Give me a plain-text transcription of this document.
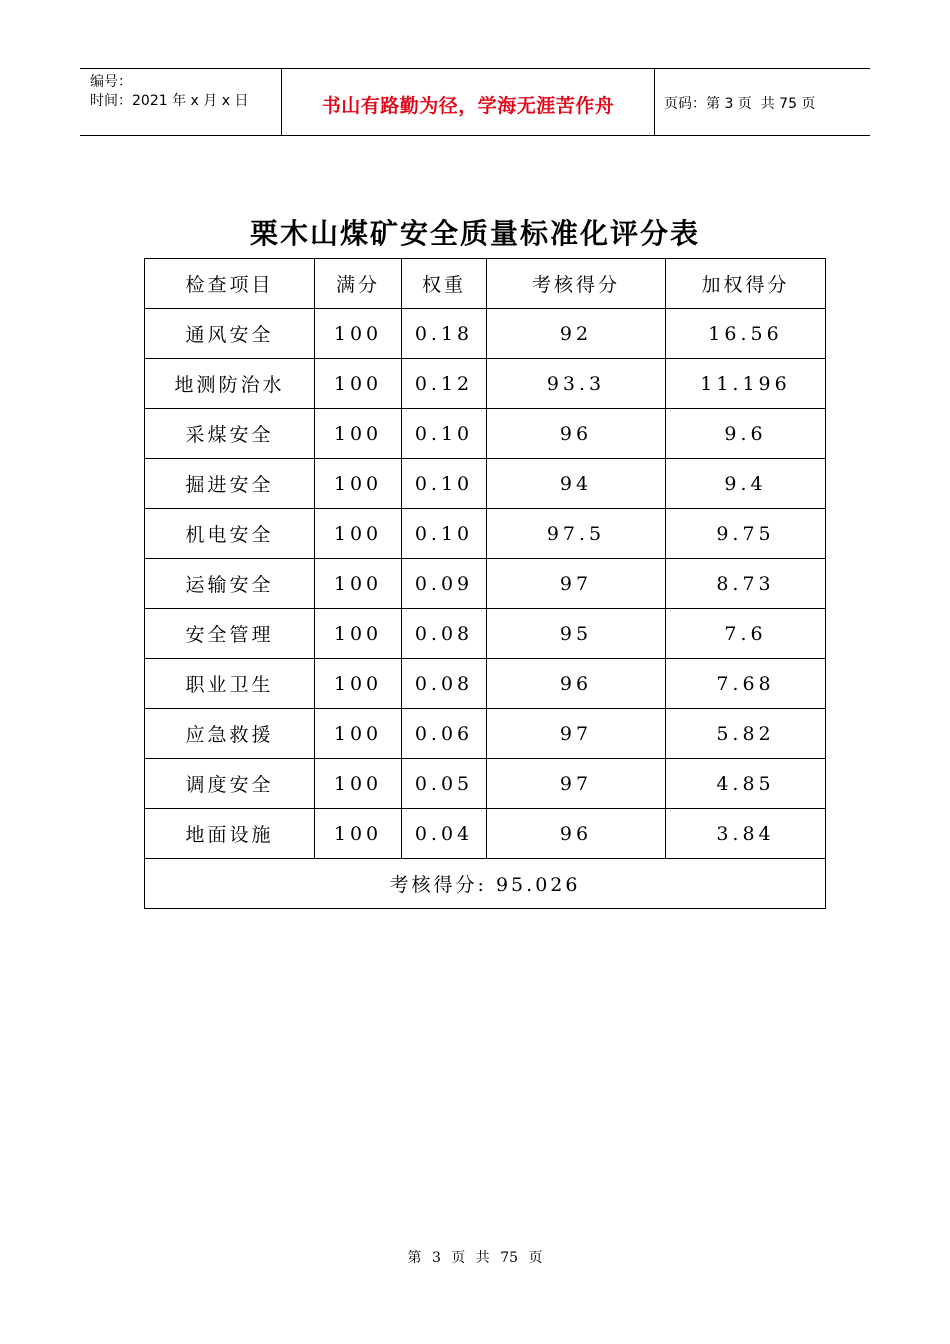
编号：
时间：2021 年 x 月 x 日	书山有路勤为径，学海无涯苦作舟	页码：第 3 页  共 75 页
栗木山煤矿安全质量标准化评分表
检查项目	满分	权重	考核得分	加权得分
通风安全	100	0.18	92	16.56
地测防治水	100	0.12	93.3	11.196
采煤安全	100	0.10	96	9.6
掘进安全	100	0.10	94	9.4
机电安全	100	0.10	97.5	9.75
运输安全	100	0.09	97	8.73
安全管理	100	0.08	95	7.6
职业卫生	100	0.08	96	7.68
应急救援	100	0.06	97	5.82
调度安全	100	0.05	97	4.85
地面设施	100	0.04	96	3.84
考核得分: 95.026				
第 3 页 共 75 页
